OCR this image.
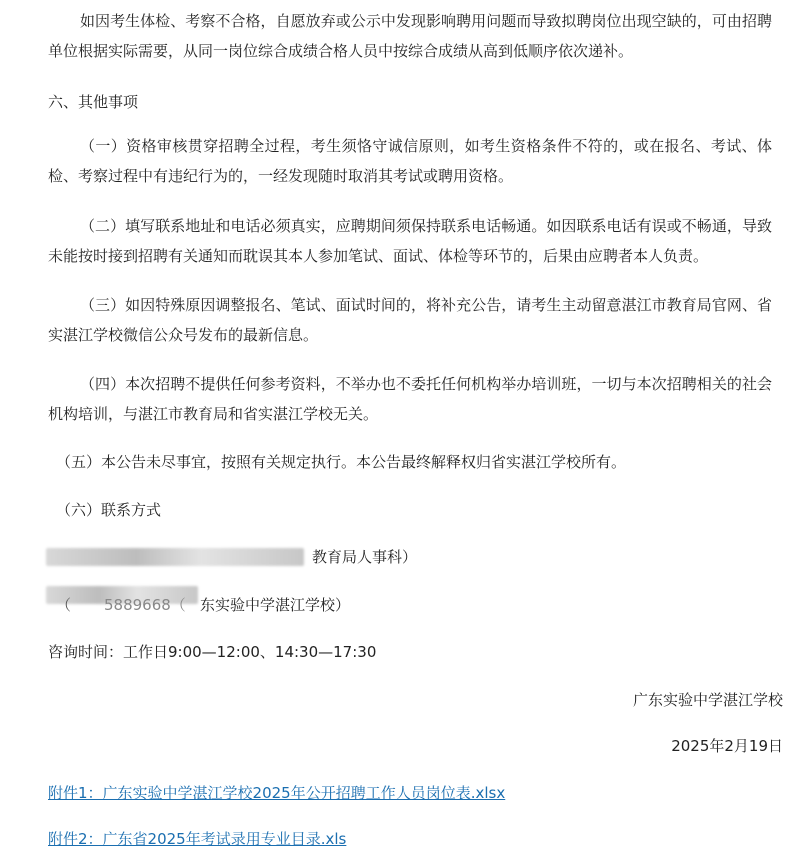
如因考生体检、考察不合格，自愿放弃或公示中发现影响聘用问题而导致拟聘岗位出现空缺的，可由招聘单位根据实际需要，从同一岗位综合成绩合格人员中按综合成绩从高到低顺序依次递补。

六、其他事项

（一）资格审核贯穿招聘全过程，考生须恪守诚信原则，如考生资格条件不符的，或在报名、考试、体检、考察过程中有违纪行为的，一经发现随时取消其考试或聘用资格。

（二）填写联系地址和电话必须真实，应聘期间须保持联系电话畅通。如因联系电话有误或不畅通，导致未能按时接到招聘有关通知而耽误其本人参加笔试、面试、体检等环节的，后果由应聘者本人负责。

（三）如因特殊原因调整报名、笔试、面试时间的，将补充公告，请考生主动留意湛江市教育局官网、省实湛江学校微信公众号发布的最新信息。

（四）本次招聘不提供任何参考资料，不举办也不委托任何机构举办培训班，一切与本次招聘相关的社会机构培训，与湛江市教育局和省实湛江学校无关。

（五）本公告未尽事宜，按照有关规定执行。本公告最终解释权归省实湛江学校所有。

（六）联系方式

教育局人事科）

（ 5889668（ 东实验中学湛江学校）

咨询时间：工作日9:00—12:00、14:30—17:30

广东实验中学湛江学校

2025年2月19日

附件1：广东实验中学湛江学校2025年公开招聘工作人员岗位表.xlsx
附件2：广东省2025年考试录用专业目录.xls
